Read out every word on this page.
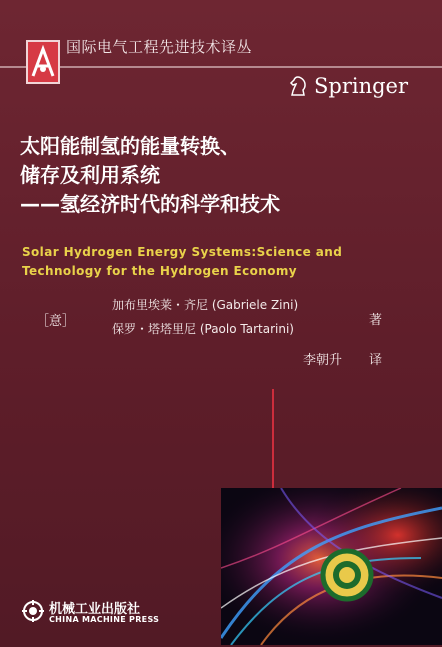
国际电气工程先进技术译丛
Springer
太阳能制氢的能量转换、
储存及利用系统
——氢经济时代的科学和技术
Solar Hydrogen Energy Systems:Science and
Technology for the Hydrogen Economy
［意］
加布里埃莱・齐尼 (Gabriele Zini)
保罗・塔塔里尼 (Paolo Tartarini)
著
李朝升 译
机械工业出版社
CHINA MACHINE PRESS
